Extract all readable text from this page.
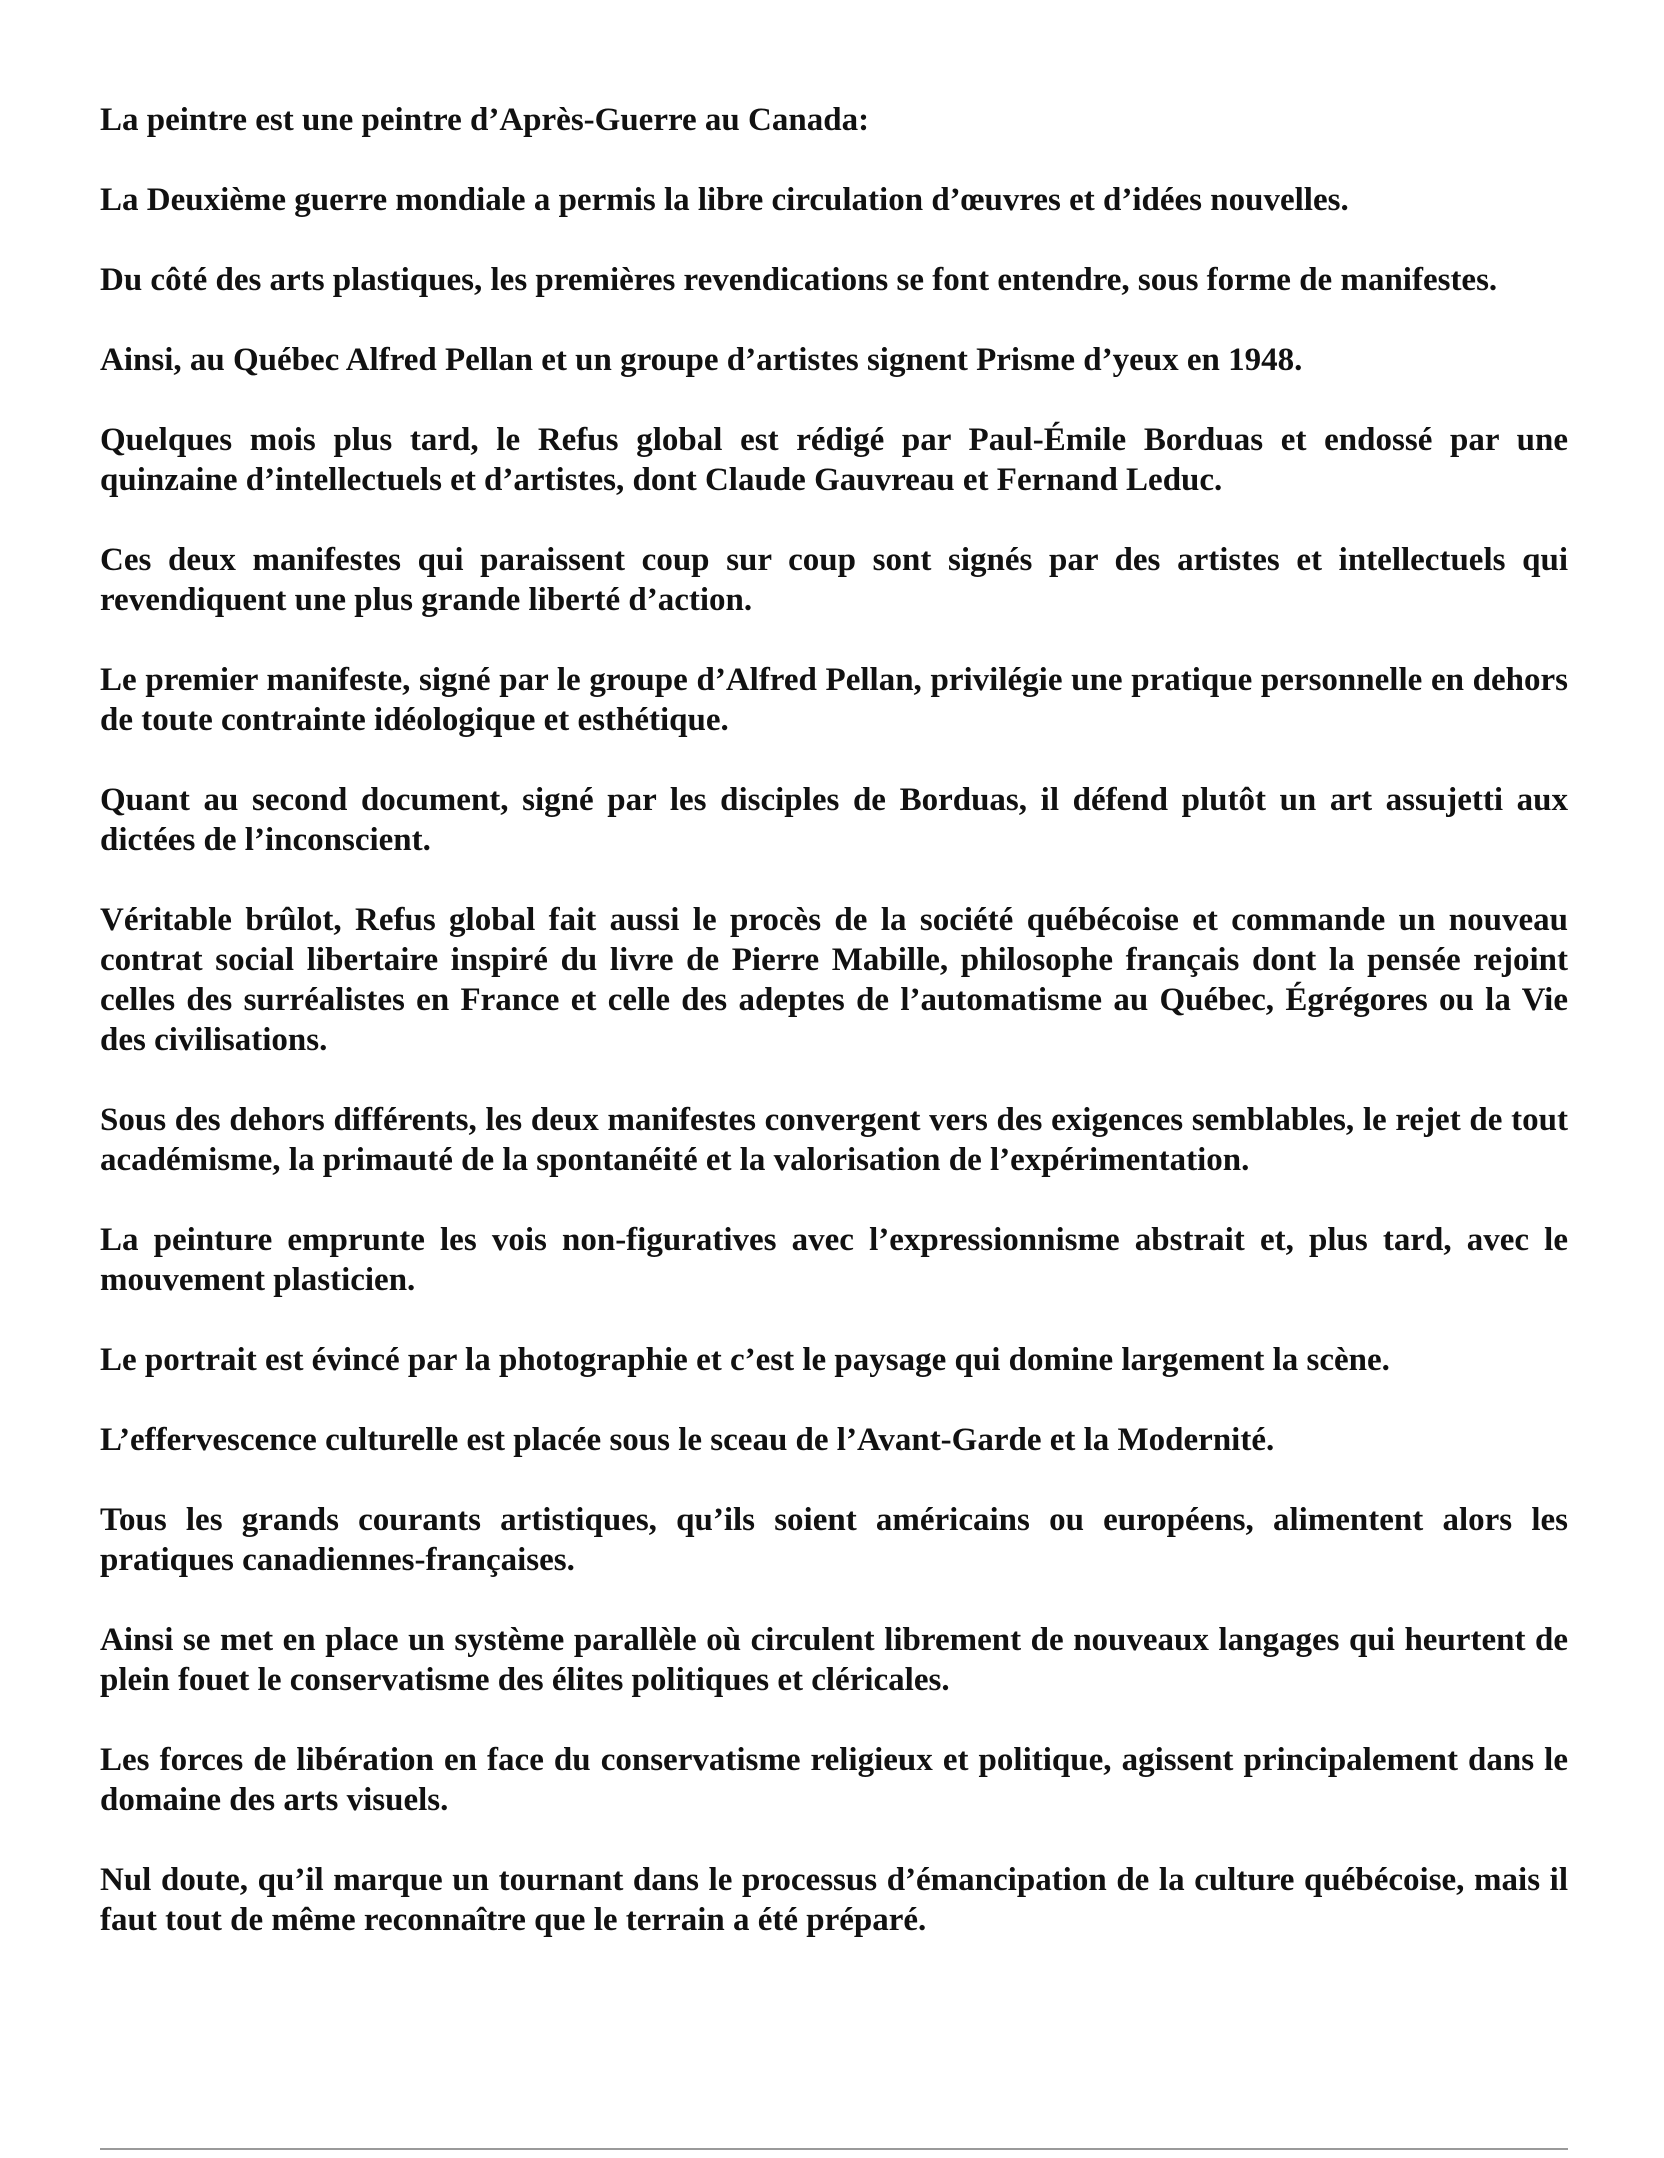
La peintre est une peintre d’Après-Guerre au Canada:

La Deuxième guerre mondiale a permis la libre circulation d’œuvres et d’idées nouvelles.

Du côté des arts plastiques, les premières revendications se font entendre, sous forme de manifestes.

Ainsi, au Québec Alfred Pellan et un groupe d’artistes signent Prisme d’yeux en 1948.

Quelques mois plus tard, le Refus global est rédigé par Paul-Émile Borduas et endossé par une quinzaine d’intellectuels et d’artistes, dont Claude Gauvreau et Fernand Leduc.

Ces deux manifestes qui paraissent coup sur coup sont signés par des artistes et intellectuels qui revendiquent une plus grande liberté d’action.

Le premier manifeste, signé par le groupe d’Alfred Pellan, privilégie une pratique personnelle en dehors de toute contrainte idéologique et esthétique.

Quant au second document, signé par les disciples de Borduas, il défend plutôt un art assujetti aux dictées de l’inconscient.

Véritable brûlot, Refus global fait aussi le procès de la société québécoise et commande un nouveau contrat social libertaire inspiré du livre de Pierre Mabille, philosophe français dont la pensée rejoint celles des surréalistes en France et celle des adeptes de l’automatisme au Québec, Égrégores ou la Vie des civilisations.

Sous des dehors différents, les deux manifestes convergent vers des exigences semblables, le rejet de tout académisme, la primauté de la spontanéité et la valorisation de l’expérimentation.

La peinture emprunte les vois non-figuratives avec l’expressionnisme abstrait et, plus tard, avec le mouvement plasticien.

Le portrait est évincé par la photographie et c’est le paysage qui domine largement la scène.

L’effervescence culturelle est placée sous le sceau de l’Avant-Garde et la Modernité.

Tous les grands courants artistiques, qu’ils soient américains ou européens, alimentent alors les pratiques canadiennes-françaises.

Ainsi se met en place un système parallèle où circulent librement de nouveaux langages qui heurtent de plein fouet le conservatisme des élites politiques et cléricales.

Les forces de libération en face du conservatisme religieux et politique, agissent principalement dans le domaine des arts visuels.

Nul doute, qu’il marque un tournant dans le processus d’émancipation de la culture québécoise, mais il faut tout de même reconnaître que le terrain a été préparé.
